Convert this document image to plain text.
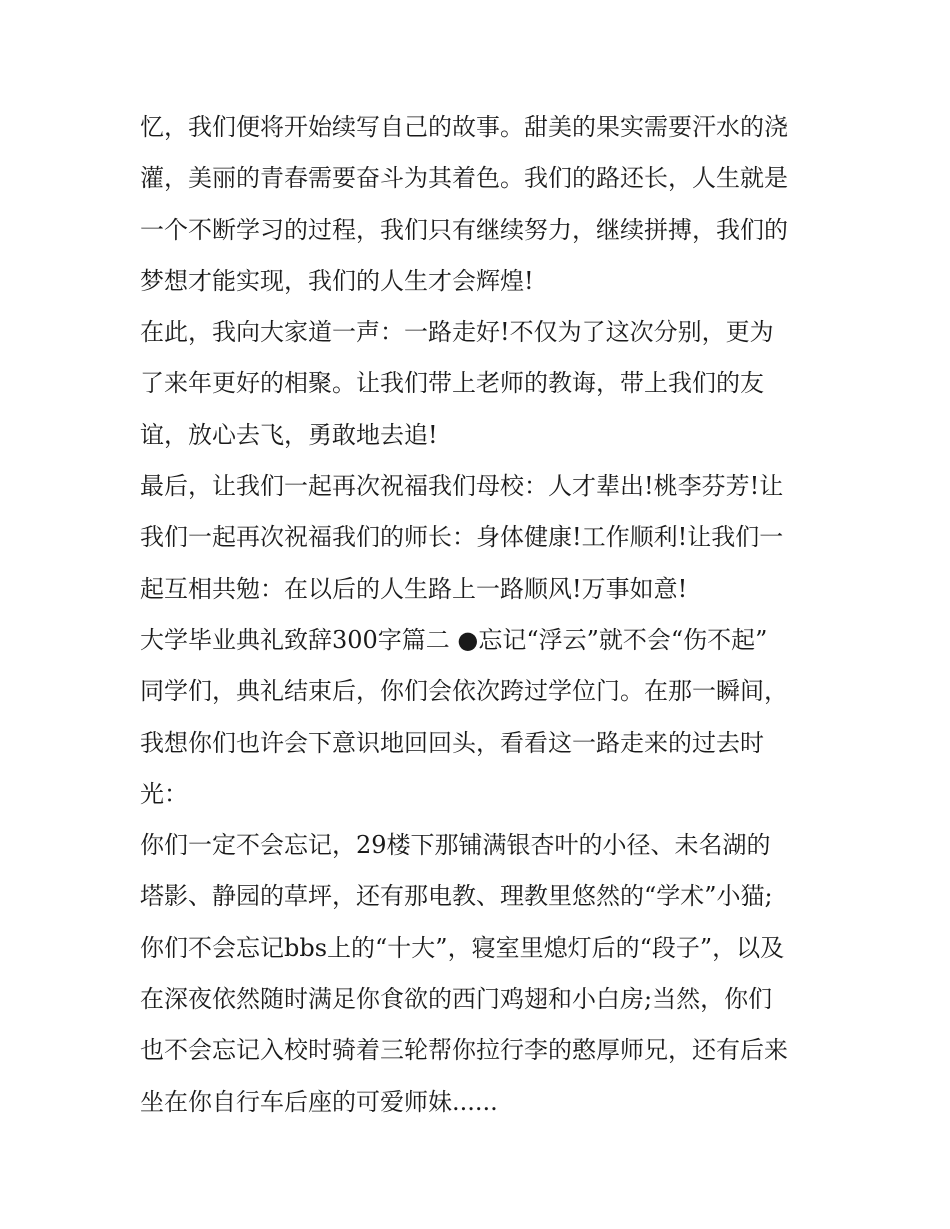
忆，我们便将开始续写自己的故事。甜美的果实需要汗水的浇
灌，美丽的青春需要奋斗为其着色。我们的路还长，人生就是
一个不断学习的过程，我们只有继续努力，继续拼搏，我们的
梦想才能实现，我们的人生才会辉煌!
在此，我向大家道一声：一路走好!不仅为了这次分别，更为
了来年更好的相聚。让我们带上老师的教诲，带上我们的友
谊，放心去飞，勇敢地去追!
最后，让我们一起再次祝福我们母校：人才辈出!桃李芬芳!让
我们一起再次祝福我们的师长：身体健康!工作顺利!让我们一
起互相共勉：在以后的人生路上一路顺风!万事如意!
大学毕业典礼致辞300字篇二 ●忘记“浮云”就不会“伤不起”
同学们，典礼结束后，你们会依次跨过学位门。在那一瞬间，
我想你们也许会下意识地回回头，看看这一路走来的过去时
光：
你们一定不会忘记，29楼下那铺满银杏叶的小径、未名湖的
塔影、静园的草坪，还有那电教、理教里悠然的“学术”小猫;
你们不会忘记bbs上的“十大”，寝室里熄灯后的“段子”，以及
在深夜依然随时满足你食欲的西门鸡翅和小白房;当然，你们
也不会忘记入校时骑着三轮帮你拉行李的憨厚师兄，还有后来
坐在你自行车后座的可爱师妹......
